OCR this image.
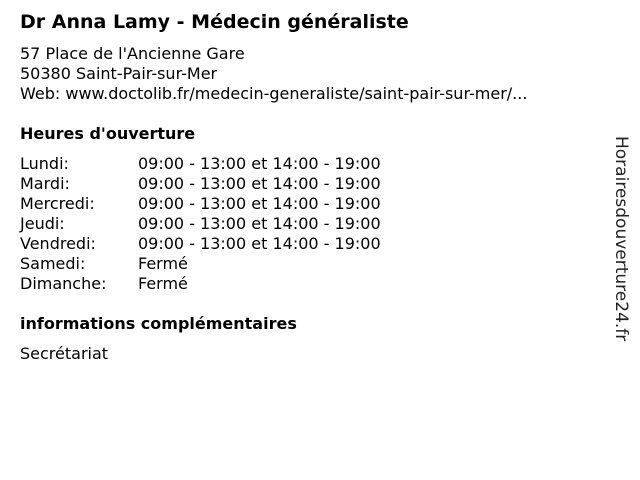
Dr Anna Lamy - Médecin généraliste
57 Place de l'Ancienne Gare
50380 Saint-Pair-sur-Mer
Web: www.doctolib.fr/medecin-generaliste/saint-pair-sur-mer/...
Heures d'ouverture
Lundi:	09:00 - 13:00 et 14:00 - 19:00
Mardi:	09:00 - 13:00 et 14:00 - 19:00
Mercredi:	09:00 - 13:00 et 14:00 - 19:00
Jeudi:	09:00 - 13:00 et 14:00 - 19:00
Vendredi:	09:00 - 13:00 et 14:00 - 19:00
Samedi:	Fermé
Dimanche: Fermé
informations complémentaires
Secrétariat
Horairesdouverture24.fr
